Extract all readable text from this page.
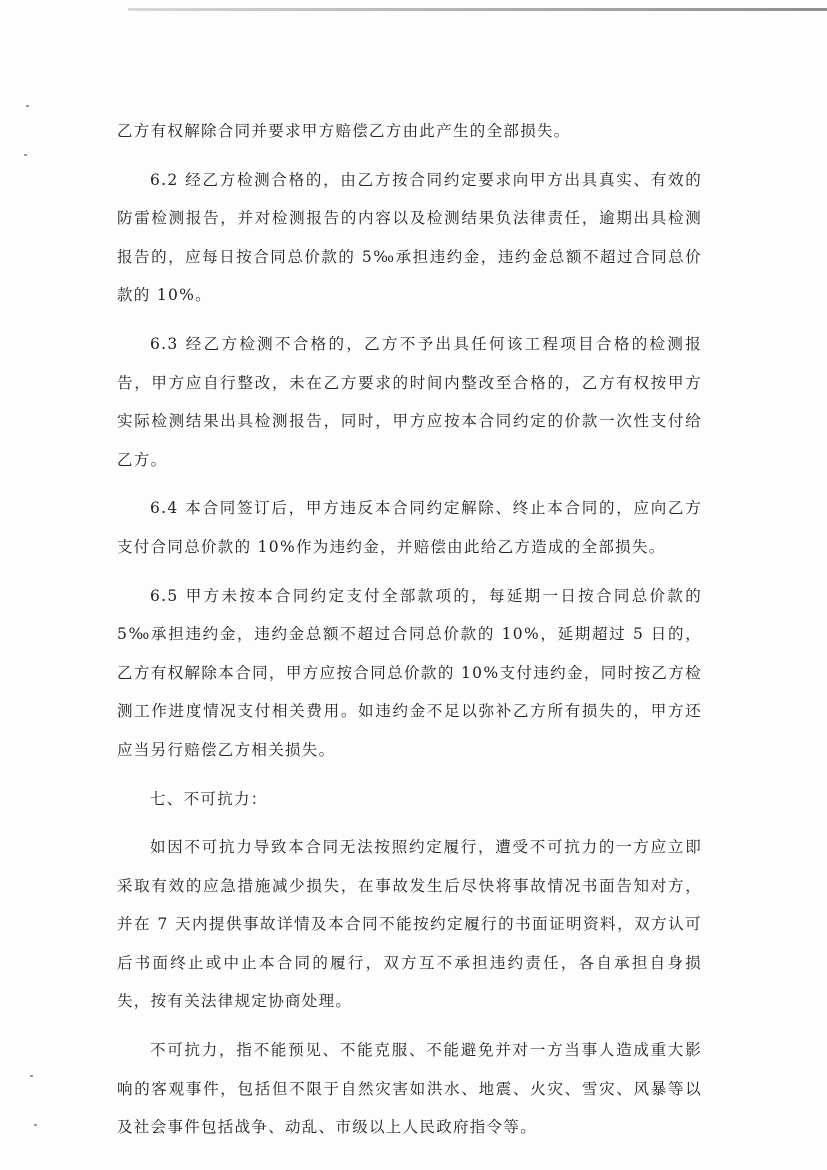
乙方有权解除合同并要求甲方赔偿乙方由此产生的全部损失。

6.2 经乙方检测合格的，由乙方按合同约定要求向甲方出具真实、有效的防雷检测报告，并对检测报告的内容以及检测结果负法律责任，逾期出具检测报告的，应每日按合同总价款的 5‰承担违约金，违约金总额不超过合同总价款的 10%。

6.3 经乙方检测不合格的，乙方不予出具任何该工程项目合格的检测报告，甲方应自行整改，未在乙方要求的时间内整改至合格的，乙方有权按甲方实际检测结果出具检测报告，同时，甲方应按本合同约定的价款一次性支付给乙方。

6.4 本合同签订后，甲方违反本合同约定解除、终止本合同的，应向乙方支付合同总价款的 10%作为违约金，并赔偿由此给乙方造成的全部损失。

6.5 甲方未按本合同约定支付全部款项的，每延期一日按合同总价款的 5‰承担违约金，违约金总额不超过合同总价款的 10%，延期超过 5 日的，乙方有权解除本合同，甲方应按合同总价款的 10%支付违约金，同时按乙方检测工作进度情况支付相关费用。如违约金不足以弥补乙方所有损失的，甲方还应当另行赔偿乙方相关损失。

七、不可抗力：

如因不可抗力导致本合同无法按照约定履行，遭受不可抗力的一方应立即采取有效的应急措施减少损失，在事故发生后尽快将事故情况书面告知对方，并在 7 天内提供事故详情及本合同不能按约定履行的书面证明资料，双方认可后书面终止或中止本合同的履行，双方互不承担违约责任，各自承担自身损失，按有关法律规定协商处理。

不可抗力，指不能预见、不能克服、不能避免并对一方当事人造成重大影响的客观事件，包括但不限于自然灾害如洪水、地震、火灾、雪灾、风暴等以及社会事件包括战争、动乱、市级以上人民政府指令等。
